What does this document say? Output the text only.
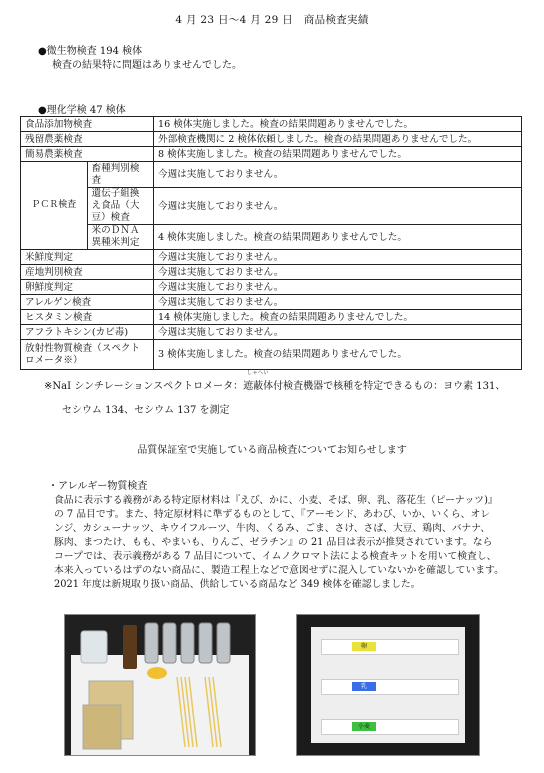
4 月 23 日〜4 月 29 日　商品検査実績
●微生物検査 194 検体
検査の結果特に問題はありませんでした。
●理化学検 47 検体
食品添加物検査		16 検体実施しました。検査の結果問題ありませんでした。
残留農薬検査		外部検査機関に 2 検体依頼しました。検査の結果問題ありませんでした。
簡易農薬検査		8 検体実施しました。検査の結果問題ありませんでした。
ＰＣＲ検査	畜種判別検査	今週は実施しておりません。
	遺伝子組換え食品（大豆）検査	今週は実施しておりません。
	米のＤＮＡ異種米判定	4 検体実施しました。検査の結果問題ありませんでした。
米鮮度判定		今週は実施しておりません。
産地判別検査		今週は実施しておりません。
卵鮮度判定		今週は実施しておりません。
アレルゲン検査		今週は実施しておりません。
ヒスタミン検査		14 検体実施しました。検査の結果問題ありませんでした。
アフラトキシン(カビ毒)		今週は実施しておりません。
放射性物質検査（スペクトロメータ※）		3 検体実施しました。検査の結果問題ありませんでした。
しゃへい
※NaI シンチレーションスペクトロメータ：遮蔽体付検査機器で核種を特定できるもの：ヨウ素 131、
セシウム 134、セシウム 137 を測定
品質保証室で実施している商品検査についてお知らせします
・アレルギー物質検査

食品に表示する義務がある特定原材料は『えび、かに、小麦、そば、卵、乳、落花生（ピーナッツ)』

の 7 品目です。また、特定原材料に準ずるものとして、『アーモンド、あわび、いか、いくら、オレ

ンジ、カシューナッツ、キウイフルーツ、牛肉、くるみ、ごま、さけ、さば、大豆、鶏肉、バナナ、

豚肉、まつたけ、もも、やまいも、りんご、ゼラチン』の 21 品目は表示が推奨されています。なら

コープでは、表示義務がある 7 品目について、イムノクロマト法による検査キットを用いて検査し、

本来入っているはずのない商品に、製造工程上などで意図せずに混入していないかを確認しています。

2021 年度は新規取り扱い商品、供給している商品など 349 検体を確認しました。

卵
乳
小麦
